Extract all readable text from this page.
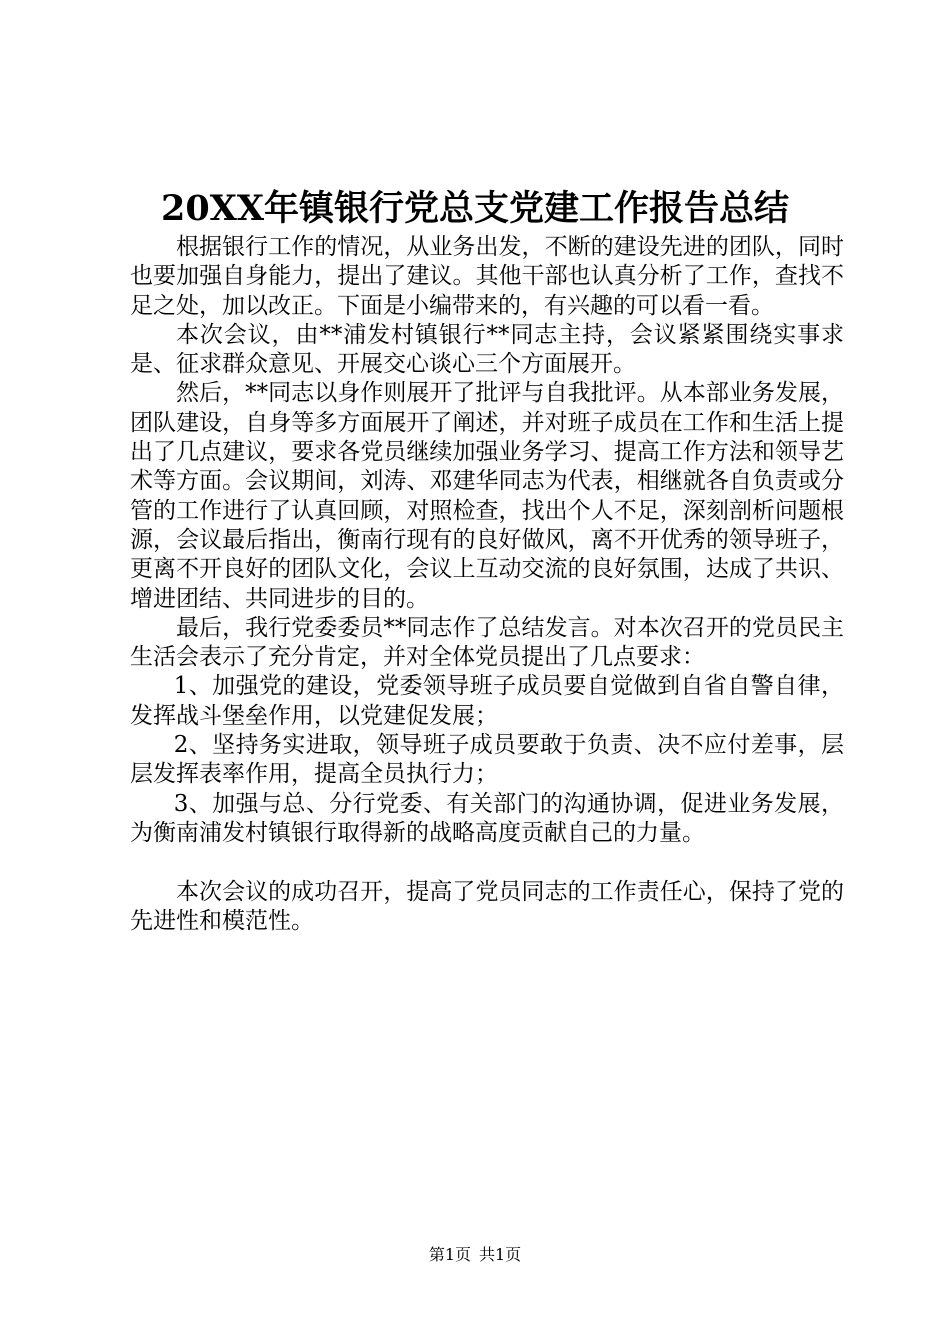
20XX年镇银行党总支党建工作报告总结

根据银行工作的情况，从业务出发，不断的建设先进的团队，同时也要加强自身能力，提出了建议。其他干部也认真分析了工作，查找不足之处，加以改正。下面是小编带来的，有兴趣的可以看一看。

本次会议，由**浦发村镇银行**同志主持，会议紧紧围绕实事求是、征求群众意见、开展交心谈心三个方面展开。

然后，**同志以身作则展开了批评与自我批评。从本部业务发展，团队建设，自身等多方面展开了阐述，并对班子成员在工作和生活上提出了几点建议，要求各党员继续加强业务学习、提高工作方法和领导艺术等方面。会议期间，刘涛、邓建华同志为代表，相继就各自负责或分管的工作进行了认真回顾，对照检查，找出个人不足，深刻剖析问题根源，会议最后指出，衡南行现有的良好做风，离不开优秀的领导班子，更离不开良好的团队文化，会议上互动交流的良好氛围，达成了共识、增进团结、共同进步的目的。

最后，我行党委委员**同志作了总结发言。对本次召开的党员民主生活会表示了充分肯定，并对全体党员提出了几点要求：

1、加强党的建设，党委领导班子成员要自觉做到自省自警自律，发挥战斗堡垒作用，以党建促发展；

2、坚持务实进取，领导班子成员要敢于负责、决不应付差事，层层发挥表率作用，提高全员执行力；

3、加强与总、分行党委、有关部门的沟通协调，促进业务发展，为衡南浦发村镇银行取得新的战略高度贡献自己的力量。

本次会议的成功召开，提高了党员同志的工作责任心，保持了党的先进性和模范性。

第1页 共1页
